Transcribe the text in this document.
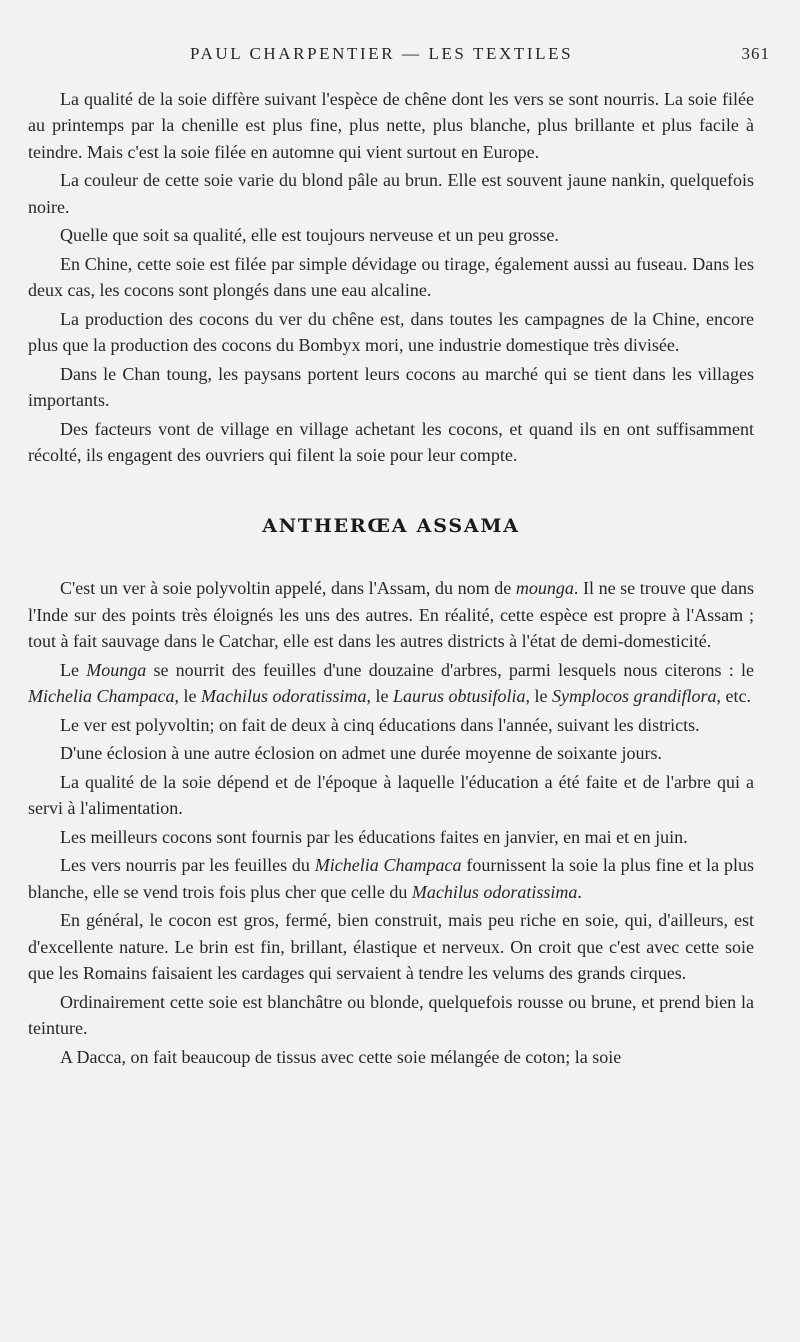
PAUL CHARPENTIER — LES TEXTILES	361

La qualité de la soie diffère suivant l'espèce de chêne dont les vers se sont nourris. La soie filée au printemps par la chenille est plus fine, plus nette, plus blanche, plus brillante et plus facile à teindre. Mais c'est la soie filée en automne qui vient surtout en Europe.

La couleur de cette soie varie du blond pâle au brun. Elle est souvent jaune nankin, quelquefois noire.

Quelle que soit sa qualité, elle est toujours nerveuse et un peu grosse.

En Chine, cette soie est filée par simple dévidage ou tirage, également aussi au fuseau. Dans les deux cas, les cocons sont plongés dans une eau alcaline.

La production des cocons du ver du chêne est, dans toutes les campagnes de la Chine, encore plus que la production des cocons du Bombyx mori, une industrie domestique très divisée.

Dans le Chan toung, les paysans portent leurs cocons au marché qui se tient dans les villages importants.

Des facteurs vont de village en village achetant les cocons, et quand ils en ont suffisamment récolté, ils engagent des ouvriers qui filent la soie pour leur compte.

ANTHERŒA ASSAMA

C'est un ver à soie polyvoltin appelé, dans l'Assam, du nom de mounga. Il ne se trouve que dans l'Inde sur des points très éloignés les uns des autres. En réalité, cette espèce est propre à l'Assam ; tout à fait sauvage dans le Catchar, elle est dans les autres districts à l'état de demi-domesticité.

Le Mounga se nourrit des feuilles d'une douzaine d'arbres, parmi lesquels nous citerons : le Michelia Champaca, le Machilus odoratissima, le Laurus obtusifolia, le Symplocos grandiflora, etc.

Le ver est polyvoltin; on fait de deux à cinq éducations dans l'année, suivant les districts.

D'une éclosion à une autre éclosion on admet une durée moyenne de soixante jours.

La qualité de la soie dépend et de l'époque à laquelle l'éducation a été faite et de l'arbre qui a servi à l'alimentation.

Les meilleurs cocons sont fournis par les éducations faites en janvier, en mai et en juin.

Les vers nourris par les feuilles du Michelia Champaca fournissent la soie la plus fine et la plus blanche, elle se vend trois fois plus cher que celle du Machilus odoratissima.

En général, le cocon est gros, fermé, bien construit, mais peu riche en soie, qui, d'ailleurs, est d'excellente nature. Le brin est fin, brillant, élastique et nerveux. On croit que c'est avec cette soie que les Romains faisaient les cardages qui servaient à tendre les velums des grands cirques.

Ordinairement cette soie est blanchâtre ou blonde, quelquefois rousse ou brune, et prend bien la teinture.

A Dacca, on fait beaucoup de tissus avec cette soie mélangée de coton; la soie
